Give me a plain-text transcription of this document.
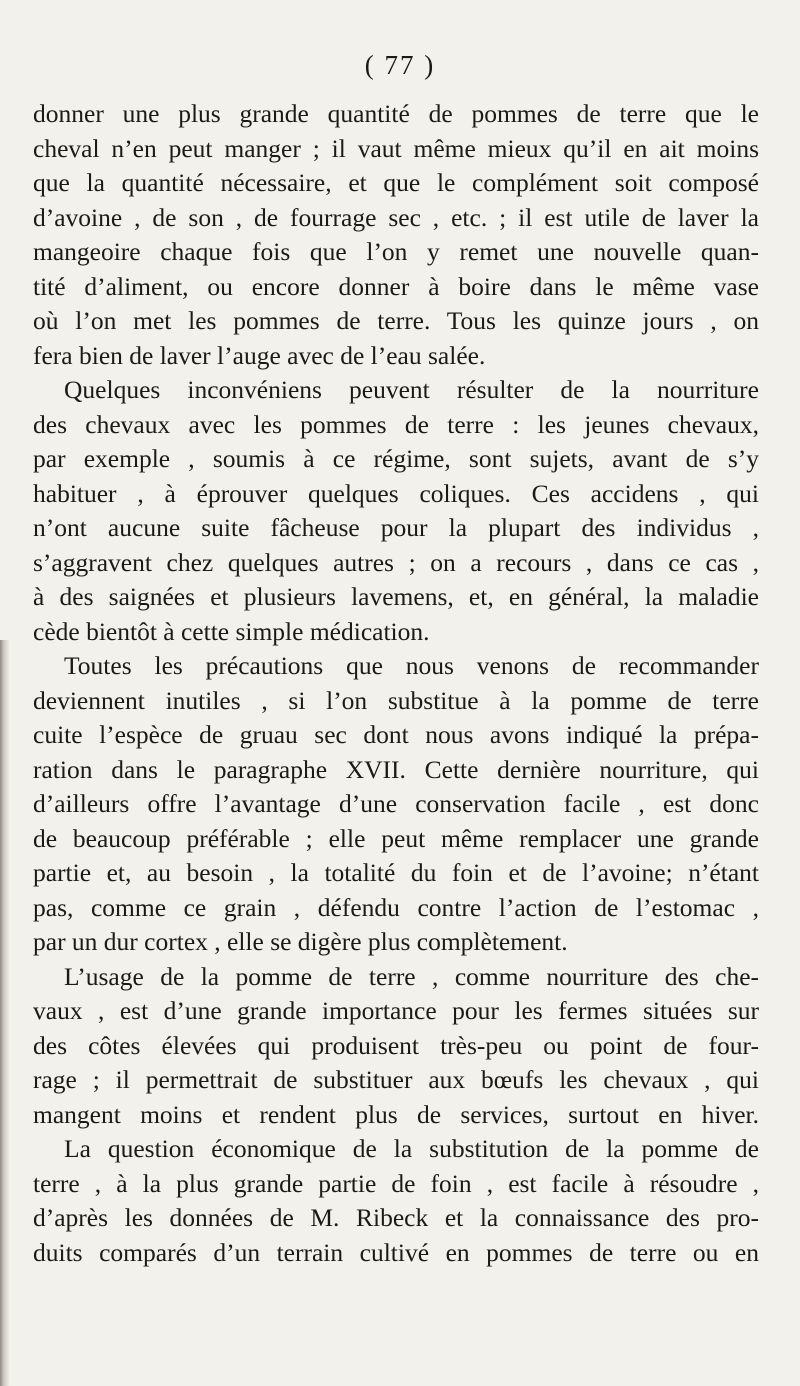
( 77 )
donner une plus grande quantité de pommes de terre que le
cheval n’en peut manger ; il vaut même mieux qu’il en ait moins
que la quantité nécessaire, et que le complément soit composé
d’avoine , de son , de fourrage sec , etc. ; il est utile de laver la
mangeoire chaque fois que l’on y remet une nouvelle quan-
tité d’aliment, ou encore donner à boire dans le même vase
où l’on met les pommes de terre. Tous les quinze jours , on
fera bien de laver l’auge avec de l’eau salée.
Quelques inconvéniens peuvent résulter de la nourriture
des chevaux avec les pommes de terre : les jeunes chevaux,
par exemple , soumis à ce régime, sont sujets, avant de s’y
habituer , à éprouver quelques coliques. Ces accidens , qui
n’ont aucune suite fâcheuse pour la plupart des individus ,
s’aggravent chez quelques autres ; on a recours , dans ce cas ,
à des saignées et plusieurs lavemens, et, en général, la maladie
cède bientôt à cette simple médication.
Toutes les précautions que nous venons de recommander
deviennent inutiles , si l’on substitue à la pomme de terre
cuite l’espèce de gruau sec dont nous avons indiqué la prépa-
ration dans le paragraphe XVII. Cette dernière nourriture, qui
d’ailleurs offre l’avantage d’une conservation facile , est donc
de beaucoup préférable ; elle peut même remplacer une grande
partie et, au besoin , la totalité du foin et de l’avoine; n’étant
pas, comme ce grain , défendu contre l’action de l’estomac ,
par un dur cortex , elle se digère plus complètement.
L’usage de la pomme de terre , comme nourriture des che-
vaux , est d’une grande importance pour les fermes situées sur
des côtes élevées qui produisent très-peu ou point de four-
rage ; il permettrait de substituer aux bœufs les chevaux , qui
mangent moins et rendent plus de services, surtout en hiver.
La question économique de la substitution de la pomme de
terre , à la plus grande partie de foin , est facile à résoudre ,
d’après les données de M. Ribeck et la connaissance des pro-
duits comparés d’un terrain cultivé en pommes de terre ou en
